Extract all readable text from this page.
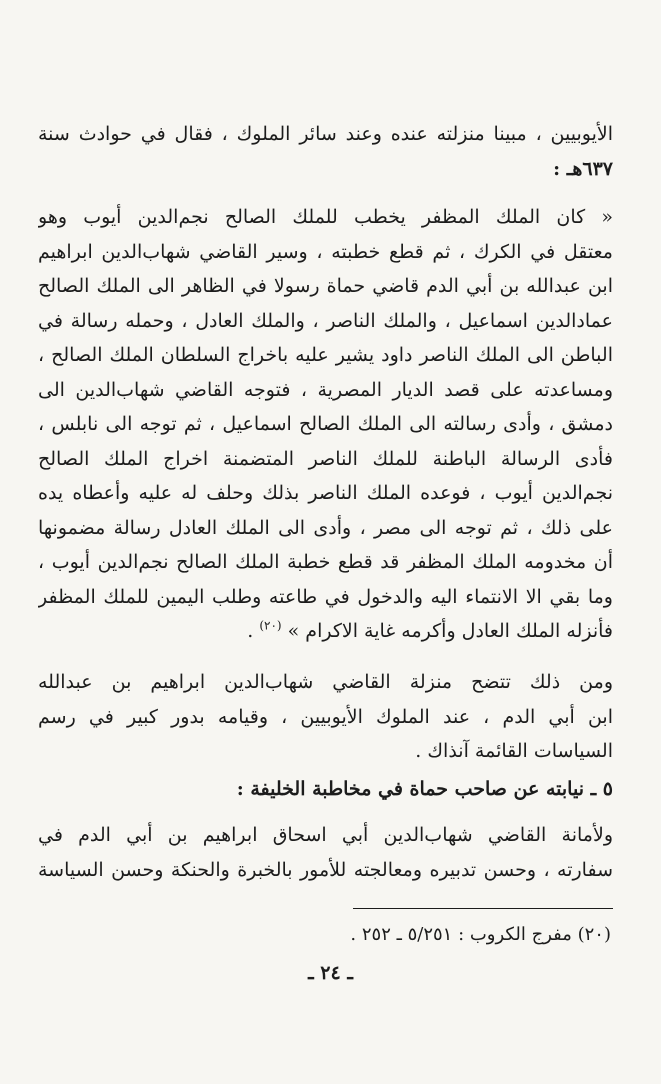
الأيوبيين ، مبينا منزلته عنده وعند سائر الملوك ، فقال في حوادث سنة
٦٣٧هـ :
« كان الملك المظفر يخطب للملك الصالح نجم‌الدين أيوب وهو
معتقل في الكرك ، ثم قطع خطبته ، وسير القاضي شهاب‌الدين ابراهيم
ابن عبدالله بن أبي الدم قاضي حماة رسولا في الظاهر الى الملك الصالح
عماد‌الدين اسماعيل ، والملك الناصر ، والملك العادل ، وحمله رسالة في
الباطن الى الملك الناصر داود يشير عليه باخراج السلطان الملك الصالح ،
ومساعدته على قصد الديار المصرية ، فتوجه القاضي شهاب‌الدين الى
دمشق ، وأدى رسالته الى الملك الصالح اسماعيل ، ثم توجه الى نابلس ،
فأدى الرسالة الباطنة للملك الناصر المتضمنة اخراج الملك الصالح
نجم‌الدين أيوب ، فوعده الملك الناصر بذلك وحلف له عليه وأعطاه يده
على ذلك ، ثم توجه الى مصر ، وأدى الى الملك العادل رسالة مضمونها
أن مخدومه الملك المظفر قد قطع خطبة الملك الصالح نجم‌الدين أيوب ،
وما بقي الا الانتماء اليه والدخول في طاعته وطلب اليمين للملك المظفر
فأنزله الملك العادل وأكرمه غاية الاكرام » $^{(٢٠)}$ .
ومن ذلك تتضح منزلة القاضي شهاب‌الدين ابراهيم بن عبدالله
ابن أبي الدم ، عند الملوك الأيوبيين ، وقيامه بدور كبير في رسم
السياسات القائمة آنذاك .
٥ ـ نيابته عن صاحب حماة في مخاطبة الخليفة :
ولأمانة القاضي شهاب‌الدين أبي اسحاق ابراهيم بن أبي الدم في
سفارته ، وحسن تدبيره ومعالجته للأمور بالخبرة والحنكة وحسن السياسة
(٢٠) مفرج الكروب : ٥/٢٥١ ـ ٢٥٢ .
ـ ٢٤ ـ
